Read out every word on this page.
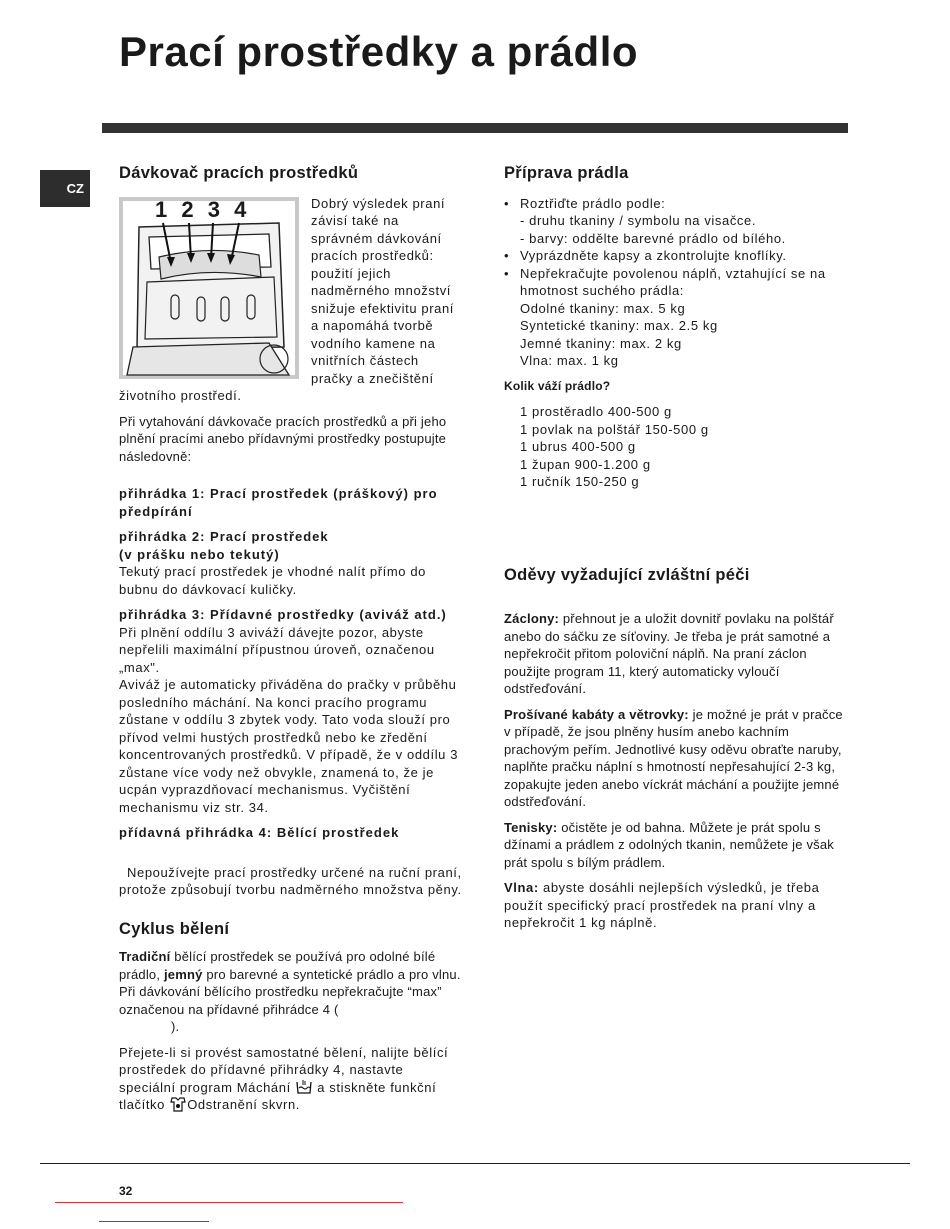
Prací prostředky a prádlo
CZ
Dávkovač pracích prostředků
1 2 3 4	Dobrý výsledek praní závisí také na správném dávkování pracích prostředků: použití jejich nadměrného množství snižuje efektivitu praní a napomáhá tvorbě vodního kamene na vnitřních částech pračky a znečištění životního prostředí.

Při vytahování dávkovače pracích prostředků a při jeho plnění pracími anebo přídavnými prostředky postupujte následovně:

přihrádka 1: Prací prostředek (práškový) pro předpírání

přihrádka 2: Prací prostředek
(v prášku nebo tekutý)
Tekutý prací prostředek je vhodné nalít přímo do bubnu do dávkovací kuličky.
přihrádka 3: Přídavné prostředky (aviváž atd.)
Při plnění oddílu 3 aviváží dávejte pozor, abyste nepřelili maximální přípustnou úroveň, označenou „max".
Aviváž je automaticky přiváděna do pračky v průběhu posledního máchání. Na konci pracího programu zůstane v oddílu 3 zbytek vody. Tato voda slouží pro přívod velmi hustých prostředků nebo ke zředění koncentrovaných prostředků. V případě, že v oddílu 3 zůstane více vody než obvykle, znamená to, že je ucpán vyprazdňovací mechanismus. Vyčištění mechanismu viz str. 34.

přídavná přihrádka 4: Bělící prostředek

Nepoužívejte prací prostředky určené na ruční praní, protože způsobují tvorbu nadměrného množstva pěny.

Cyklus bělení

Tradiční bělící prostředek se používá pro odolné bílé prádlo, jemný pro barevné a syntetické prádlo a pro vlnu.
Při dávkování bělícího prostředku nepřekračujte “max” označenou na přídavné přihrádce 4 (
).

Přejete-li si provést samostatné bělení, nalijte bělící prostředek do přídavné přihrádky 4, nastavte speciální program Máchání  a stiskněte funkční tlačítko Odstranění skvrn.

Příprava prádla
• Roztřiďte prádlo podle:
- druhu tkaniny / symbolu na visačce.
- barvy: oddělte barevné prádlo od bílého.
• Vyprázdněte kapsy a zkontrolujte knoflíky.
• Nepřekračujte povolenou náplň, vztahující se na hmotnost suchého prádla:
Odolné tkaniny: max. 5 kg
Syntetické tkaniny: max. 2.5 kg
Jemné tkaniny: max. 2 kg
Vlna: max. 1 kg
Kolik váží prádlo?
1 prostěradlo 400-500 g
1 povlak na polštář 150-500 g
1 ubrus 400-500 g
1 župan 900-1.200 g
1 ručník 150-250 g
Oděvy vyžadující zvláštní péči

Záclony: přehnout je a uložit dovnitř povlaku na polštář anebo do sáčku ze síťoviny. Je třeba je prát samotné a nepřekročit přitom poloviční náplň. Na praní záclon použijte program 11, který automaticky vyloučí odstřeďování.

Prošívané kabáty a větrovky: je možné je prát v pračce v případě, že jsou plněny husím anebo kachním prachovým peřím. Jednotlivé kusy oděvu obraťte naruby, naplňte pračku náplní s hmotností nepřesahující 2-3 kg, zopakujte jeden anebo víckrát máchání a použijte jemné odstřeďování.

Tenisky: očistěte je od bahna. Můžete je prát spolu s džínami a prádlem z odolných tkanin, nemůžete je však prát spolu s bílým prádlem.

Vlna: abyste dosáhli nejlepších výsledků, je třeba použít specifický prací prostředek na praní vlny a nepřekročit 1 kg náplně.

32
